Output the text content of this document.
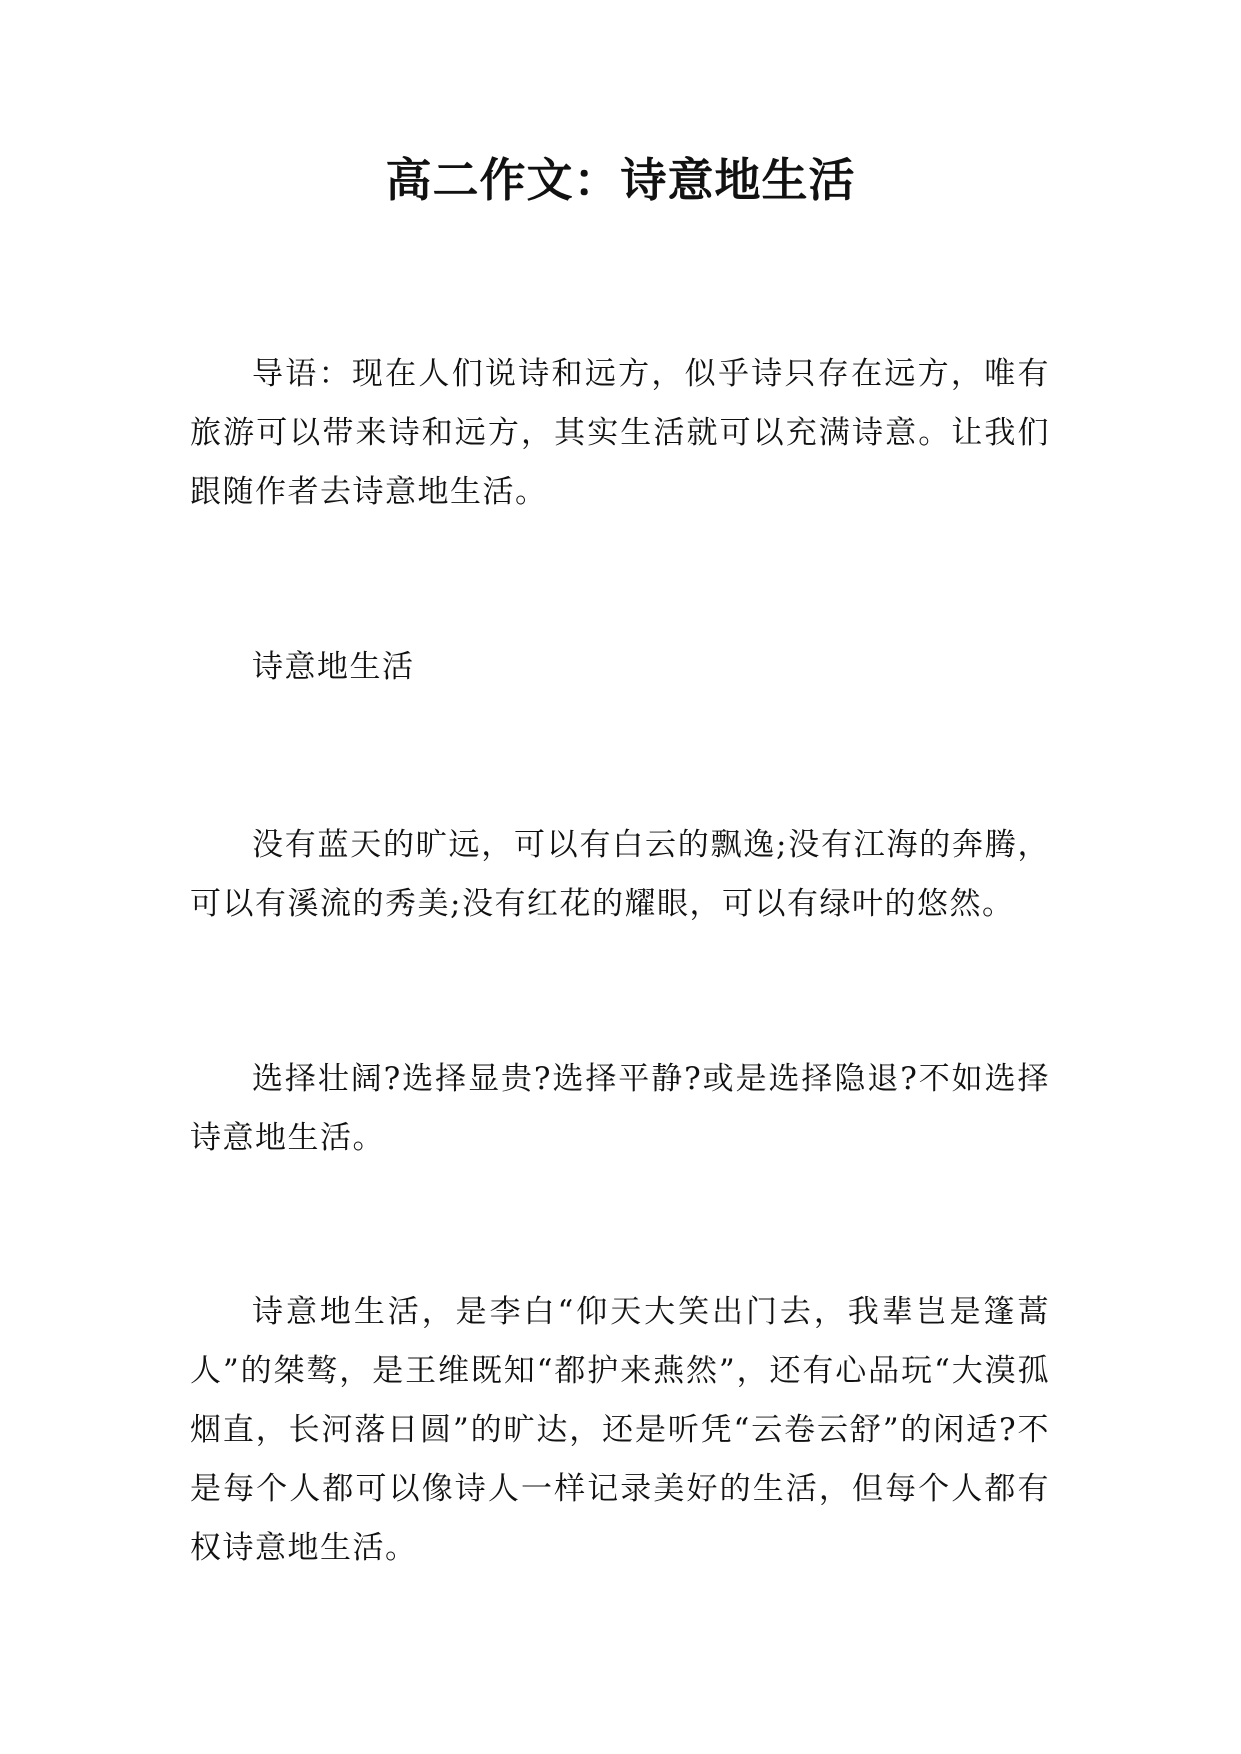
高二作文：诗意地生活

导语：现在人们说诗和远方，似乎诗只存在远方，唯有旅游可以带来诗和远方，其实生活就可以充满诗意。让我们跟随作者去诗意地生活。

诗意地生活

没有蓝天的旷远，可以有白云的飘逸;没有江海的奔腾，可以有溪流的秀美;没有红花的耀眼，可以有绿叶的悠然。

选择壮阔?选择显贵?选择平静?或是选择隐退?不如选择诗意地生活。

诗意地生活，是李白“仰天大笑出门去，我辈岂是篷蒿人”的桀骜，是王维既知“都护来燕然”，还有心品玩“大漠孤烟直，长河落日圆”的旷达，还是听凭“云卷云舒”的闲适?不是每个人都可以像诗人一样记录美好的生活，但每个人都有权诗意地生活。
